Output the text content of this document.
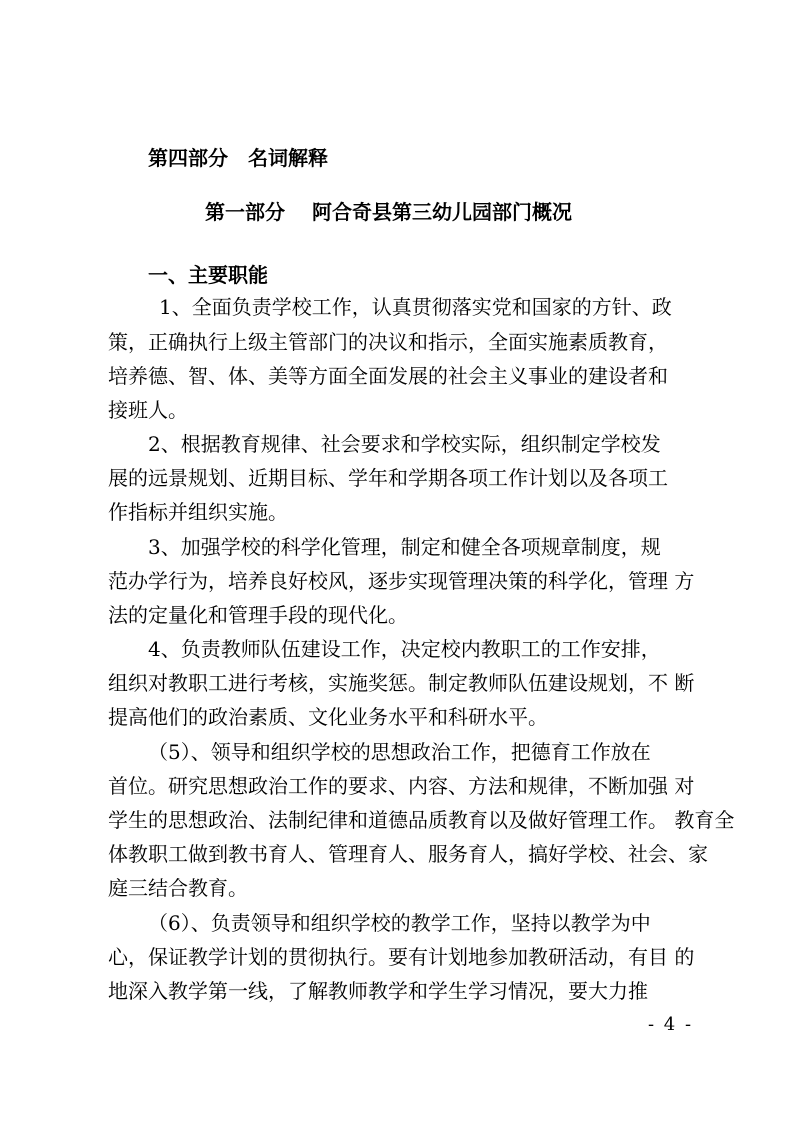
第四部分　名词解释
第一部分　 阿合奇县第三幼儿园部门概况
一、主要职能
1、全面负责学校工作，认真贯彻落实党和国家的方针、政
策，正确执行上级主管部门的决议和指示，全面实施素质教育，
培养德、智、体、美等方面全面发展的社会主义事业的建设者和
接班人。
2、根据教育规律、社会要求和学校实际，组织制定学校发
展的远景规划、近期目标、学年和学期各项工作计划以及各项工
作指标并组织实施。
3、加强学校的科学化管理，制定和健全各项规章制度，规
范办学行为，培养良好校风，逐步实现管理决策的科学化，管理 方
法的定量化和管理手段的现代化。
4、负责教师队伍建设工作，决定校内教职工的工作安排，
组织对教职工进行考核，实施奖惩。制定教师队伍建设规划，不 断
提高他们的政治素质、文化业务水平和科研水平。
（5）、领导和组织学校的思想政治工作，把德育工作放在
首位。研究思想政治工作的要求、内容、方法和规律，不断加强 对
学生的思想政治、法制纪律和道德品质教育以及做好管理工作。 教育全
体教职工做到教书育人、管理育人、服务育人，搞好学校、社会、家
庭三结合教育。
（6）、负责领导和组织学校的教学工作，坚持以教学为中
心，保证教学计划的贯彻执行。要有计划地参加教研活动，有目 的
地深入教学第一线，了解教师教学和学生学习情况，要大力推
- 4 -
